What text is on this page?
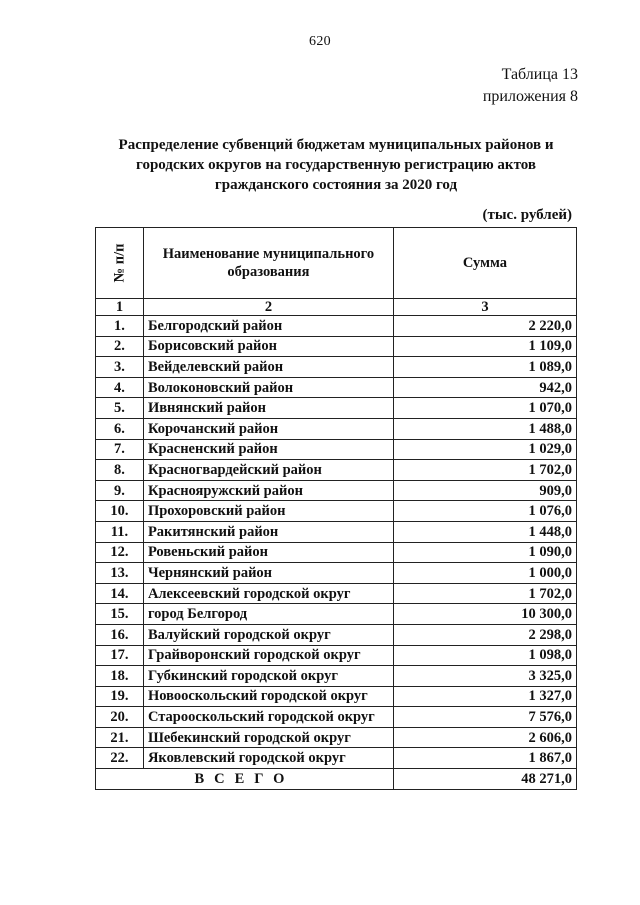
620
Таблица 13
приложения 8
Распределение субвенций бюджетам муниципальных районов и городских округов на государственную регистрацию актов гражданского состояния за 2020 год
(тыс. рублей)
№ п/п	Наименование муниципального образования	Сумма
1	2	3
1.	Белгородский район	2 220,0
2.	Борисовский район	1 109,0
3.	Вейделевский район	1 089,0
4.	Волоконовский район	942,0
5.	Ивнянский район	1 070,0
6.	Корочанский район	1 488,0
7.	Красненский район	1 029,0
8.	Красногвардейский район	1 702,0
9.	Краснояружский район	909,0
10.	Прохоровский район	1 076,0
11.	Ракитянский район	1 448,0
12.	Ровеньский район	1 090,0
13.	Чернянский район	1 000,0
14.	Алексеевский городской округ	1 702,0
15.	город Белгород	10 300,0
16.	Валуйский городской округ	2 298,0
17.	Грайворонский городской округ	1 098,0
18.	Губкинский городской округ	3 325,0
19.	Новооскольский городской округ	1 327,0
20.	Старооскольский городской округ	7 576,0
21.	Шебекинский городской округ	2 606,0
22.	Яковлевский городской округ	1 867,0
ВСЕГО		48 271,0
